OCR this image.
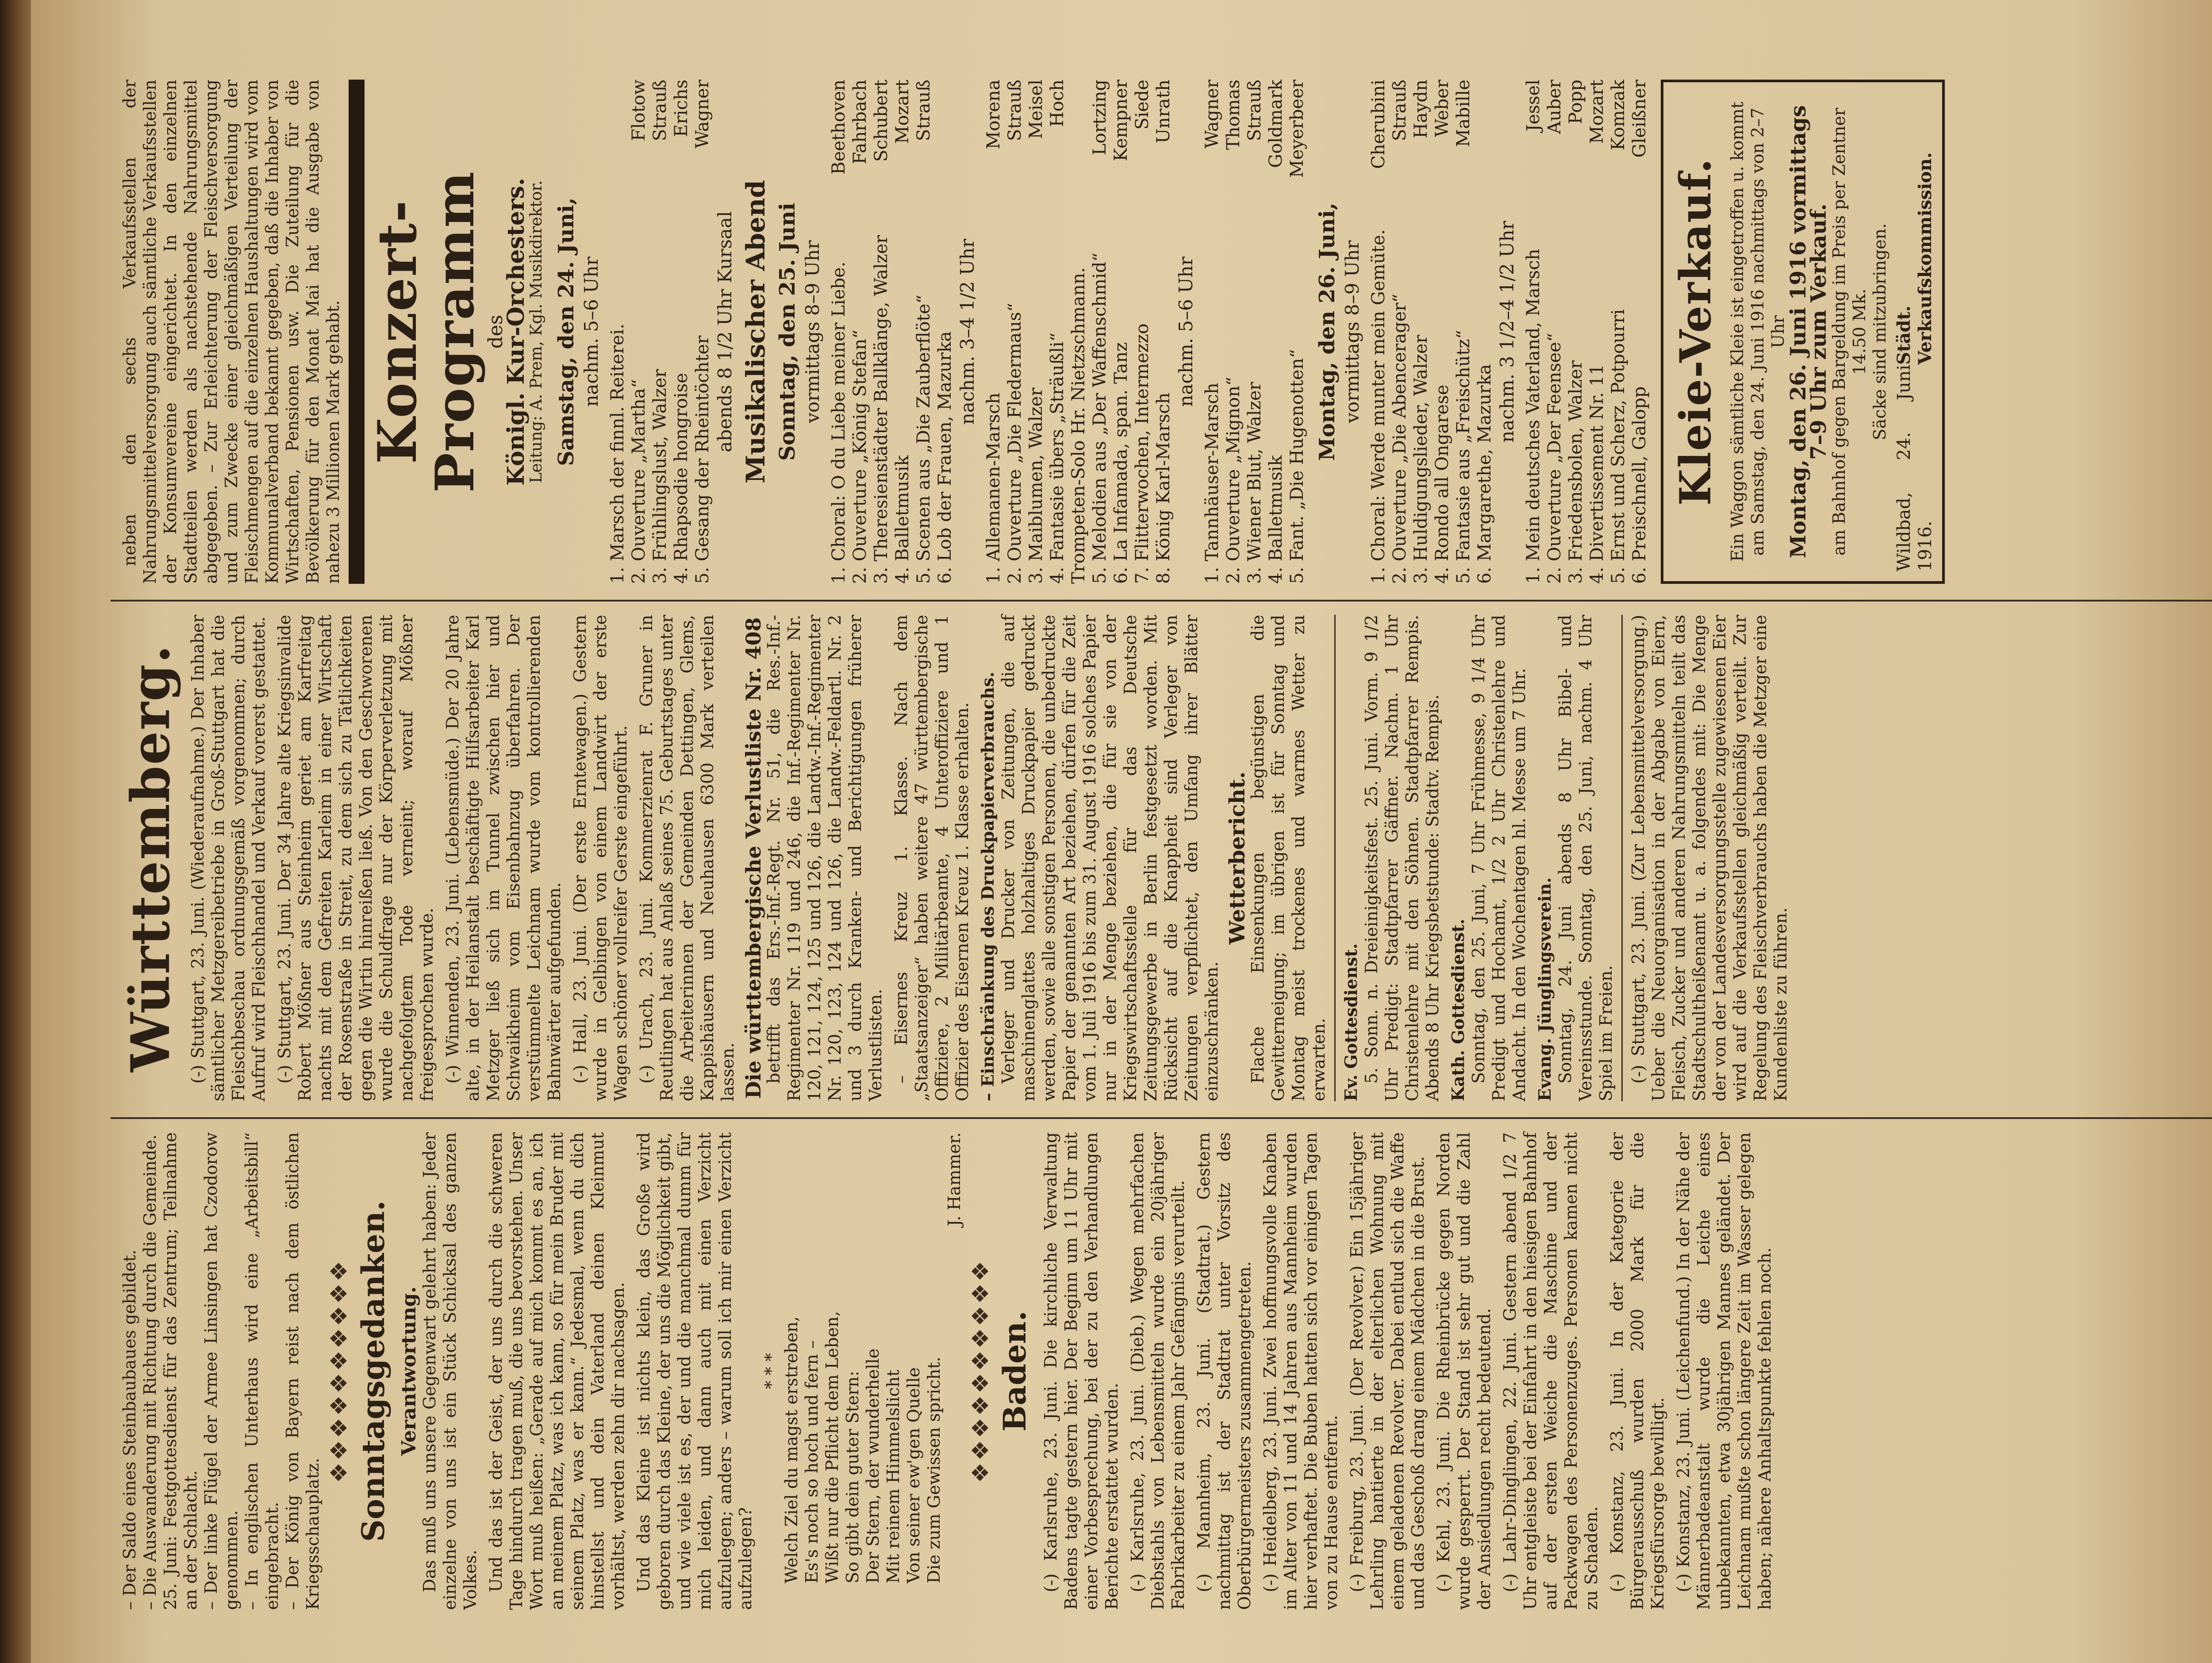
– Der Saldo eines Steinbaubaues gebildet. – Die Auswanderung mit Richtung durch die Gemeinde. 25. Juni: Festgottesdienst für das Zentrum; Teilnahme an der Schlacht. – Der linke Flügel der Armee Linsingen hat Czodorow genommen. – In englischen Unterhaus wird eine „Arbeitsbill“ eingebracht. – Der König von Bayern reist nach dem östlichen Kriegsschauplatz.
❖❖❖❖❖❖❖❖❖❖ Sonntagsgedanken. Verantwortung. Das muß uns unsere Gegenwart gelehrt haben: Jeder einzelne von uns ist ein Stück Schicksal des ganzen Volkes. Und das ist der Geist, der uns durch die schweren Tage hindurch tragen muß, die uns bevorstehen. Unser Wort muß heißen: „Gerade auf mich kommt es an, ich an meinem Platz, was ich kann, so für mein Bruder mit seinem Platz, was er kann.“ Jedesmal, wenn du dich hinstellst und dein Vaterland deinen Kleinmut vorhältst, werden zehn dir nachsagen. Und das Kleine ist nichts klein, das Große wird geboren durch das Kleine, der uns die Möglichkeit gibt, und wie viele ist es, der und die manchmal dumm für mich leiden, und dann auch mit einen Verzicht aufzulegen; anders – warum soll ich mir einen Verzicht aufzulegen?

* * * Welch Ziel du magst erstreben, Es's noch so hoch und fern – Wißt nur die Pflicht dem Leben, So gibt dein guter Stern: Der Stern, der wunderhelle Mit reinem Himmelslicht Von seiner ew'gen Quelle Die zum Gewissen spricht.
J. Hammer.
❖❖❖❖❖❖❖❖❖❖ Baden. (-) Karlsruhe, 23. Juni. Die kirchliche Verwaltung Badens tagte gestern hier. Der Beginn um 11 Uhr mit einer Vorbesprechung, bei der zu den Verhandlungen Berichte erstattet wurden. (-) Karlsruhe, 23. Juni. (Dieb.) Wegen mehrfachen Diebstahls von Lebensmitteln wurde ein 20jähriger Fabrikarbeiter zu einem Jahr Gefängnis verurteilt. (-) Mannheim, 23. Juni. (Stadtrat.) Gestern nachmittag ist der Stadtrat unter Vorsitz des Oberbürgermeisters zusammengetreten. (-) Heidelberg, 23. Juni. Zwei hoffnungsvolle Knaben im Alter von 11 und 14 Jahren aus Mannheim wurden hier verhaftet. Die Buben hatten sich vor einigen Tagen von zu Hause entfernt. (-) Freiburg, 23. Juni. (Der Revolver.) Ein 15jähriger Lehrling hantierte in der elterlichen Wohnung mit einem geladenen Revolver. Dabei entlud sich die Waffe und das Geschoß drang einem Mädchen in die Brust. (-) Kehl, 23. Juni. Die Rheinbrücke gegen Norden wurde gesperrt. Der Stand ist sehr gut und die Zahl der Ansiedlungen recht bedeutend. (-) Lahr-Dinglingen, 22. Juni. Gestern abend 1/2 7 Uhr entgleiste bei der Einfahrt in den hiesigen Bahnhof auf der ersten Weiche die Maschine und der Packwagen des Personenzuges. Personen kamen nicht zu Schaden. (-) Konstanz, 23. Juni. In der Kategorie der Bürgerausschuß wurden 2000 Mark für die Kriegsfürsorge bewilligt. (-) Konstanz, 23. Juni. (Leichenfund.) In der Nähe der Männerbadeanstalt wurde die Leiche eines unbekannten, etwa 30jährigen Mannes geländet. Der Leichnam mußte schon längere Zeit im Wasser gelegen haben; nähere Anhaltspunkte fehlen noch.

Württemberg. (-) Stuttgart, 23. Juni. (Wiederaufnahme.) Der Inhaber sämtlicher Metzgereibetriebe in Groß-Stuttgart hat die Fleischbeschau ordnungsgemäß vorgenommen; durch Aufruf wird Fleischhandel und Verkauf vorerst gestattet. (-) Stuttgart, 23. Juni. Der 34 Jahre alte Kriegsinvalide Robert Mößner aus Steinheim geriet am Karfreitag nachts mit dem Gefreiten Karleim in einer Wirtschaft der Rosenstraße in Streit, zu dem sich zu Tätlichkeiten gegen die Wirtin hinreißen ließ. Von den Geschworenen wurde die Schuldfrage nur der Körperverletzung mit nachgefolgtem Tode verneint; worauf Mößner freigesprochen wurde. (-) Winnenden, 23. Juni. (Lebensmüde.) Der 20 Jahre alte, in der Heilanstalt beschäftigte Hilfsarbeiter Karl Metzger ließ sich im Tunnel zwischen hier und Schwaikheim vom Eisenbahnzug überfahren. Der verstümmelte Leichnam wurde vom kontrollierenden Bahnwärter aufgefunden. (-) Hall, 23. Juni. (Der erste Erntewagen.) Gestern wurde in Gelbingen von einem Landwirt der erste Wagen schöner vollreifer Gerste eingeführt. (-) Urach, 23. Juni. Kommerzienrat F. Gruner in Reutlingen hat aus Anlaß seines 75. Geburtstages unter die Arbeiterinnen der Gemeinden Dettingen, Glems, Kappishäusern und Neuhausen 6300 Mark verteilen lassen. Die württembergische Verlustliste Nr. 408

betrifft das Ers.-Inf.-Regt. Nr. 51, die Res.-Inf.-Regimenter Nr. 119 und 246, die Inf.-Regimenter Nr. 120, 121, 124, 125 und 126, die Landw.-Inf.-Regimenter Nr. 120, 123, 124 und 126, die Landw.-Feldartl. Nr. 2 und 3 durch Kranken- und Berichtigungen früherer Verlustlisten. – Eisernes Kreuz 1. Klasse. Nach dem „Staatsanzeiger“ haben weitere 47 württembergische Offiziere, 2 Militärbeamte, 4 Unteroffiziere und 1 Offizier des Eisernen Kreuz 1. Klasse erhalten. – Einschränkung des Druckpapierverbrauchs. Verleger und Drucker von Zeitungen, die auf maschinenglattes holzhaltiges Druckpapier gedruckt werden, sowie alle sonstigen Personen, die unbedruckte Papier der genannten Art beziehen, dürfen für die Zeit vom 1. Juli 1916 bis zum 31. August 1916 solches Papier nur in der Menge beziehen, die für sie von der Kriegswirtschaftsstelle für das Deutsche Zeitungsgewerbe in Berlin festgesetzt worden. Mit Rücksicht auf die Knappheit sind Verleger von Zeitungen verpflichtet, den Umfang ihrer Blätter einzuschränken.

Wetterbericht.

Flache Einsenkungen begünstigen die Gewitterneigung; im übrigen ist für Sonntag und Montag meist trockenes und warmes Wetter zu erwarten. Ev. Gottesdienst. 5. Sonn. n. Dreieinigkeitsfest. 25. Juni. Vorm. 9 1/2 Uhr Predigt: Stadtpfarrer Gäffner. Nachm. 1 Uhr Christenlehre mit den Söhnen. Stadtpfarrer Rempis. Abends 8 Uhr Kriegsbetstunde: Stadtv. Rempis. Kath. Gottesdienst. Sonntag, den 25. Juni, 7 Uhr Frühmesse, 9 1/4 Uhr Predigt und Hochamt, 1/2 2 Uhr Christenlehre und Andacht. In den Wochentagen hl. Messe um 7 Uhr. Evang. Jünglingsverein. Sonntag, 24. Juni abends 8 Uhr Bibel- und Vereinsstunde. Sonntag, den 25. Juni, nachm. 4 Uhr Spiel im Freien. (-) Stuttgart, 23. Juni. (Zur Lebensmittelversorgung.) Ueber die Neuorganisation in der Abgabe von Eiern, Fleisch, Zucker und anderen Nahrungsmitteln teilt das Stadtschultheißenamt u. a. folgendes mit: Die Menge der von der Landesversorgungsstelle zugewiesenen Eier wird auf die Verkaufsstellen gleichmäßig verteilt. Zur Regelung des Fleischverbrauchs haben die Metzger eine Kundenliste zu führen.

neben den sechs Verkaufsstellen der Nahrungsmittelversorgung auch sämtliche Verkaufsstellen der Konsumvereine eingerichtet. In den einzelnen Stadtteilen werden als nachstehende Nahrungsmittel abgegeben. – Zur Erleichterung der Fleischversorgung und zum Zwecke einer gleichmäßigen Verteilung der Fleischmengen auf die einzelnen Haushaltungen wird vom Kommunalverband bekannt gegeben, daß die Inhaber von Wirtschaften, Pensionen usw. Die Zuteilung für die Bevölkerung für den Monat Mai hat die Ausgabe von nahezu 3 Millionen Mark gehabt. Konzert-Programm
des
Königl. Kur-Orchesters.
Leitung: A. Prem, Kgl. Musikdirektor. Samstag, den 24. Juni, nachm. 5–6 Uhr 1. Marsch der finnl. Reiterei. 2. Ouverture „Martha“
Flotow
3. Frühlingslust, Walzer
Strauß
4. Rhapsodie hongroise
Erichs
5. Gesang der Rheintöchter
Wagner
abends 8 1/2 Uhr Kursaal Musikalischer Abend Sonntag, den 25. Juni vormittags 8–9 Uhr 1. Choral: O du Liebe meiner Liebe.
Beethoven
2. Ouverture „König Stefan“
Fahrbach
3. Theresienstädter Ballklänge, Walzer
Schubert
4. Balletmusik
Mozart
5. Scenen aus „Die Zauberflöte“
Strauß
6. Lob der Frauen, Mazurka nachm. 3–4 1/2 Uhr
1. Allemanen-Marsch
Morena
2. Ouverture „Die Fledermaus“
Strauß
3. Maiblumen, Walzer
Meisel
4. Fantasie übers „Sträußli“
Hoch
Trompeten-Solo Hr. Nietzschmann. 5. Melodien aus „Der Waffenschmid“
Lortzing
6. La Infamada, span. Tanz
Kempner
7. Flitterwochen, Intermezzo
Siede
8. König Karl-Marsch
Unrath
nachm. 5–6 Uhr
1. Tannhäuser-Marsch
Wagner
2. Ouverture „Mignon“
Thomas
3. Wiener Blut, Walzer
Strauß
4. Balletmusik
Goldmark
5. Fant. „Die Hugenotten“
Meyerbeer
Montag, den 26. Juni, vormittags 8–9 Uhr 1. Choral: Werde munter mein Gemüte.
Cherubini
2. Ouverture „Die Abencerager“
Strauß
3. Huldigungslieder, Walzer
Haydn
4. Rondo all Ongarese
Weber
5. Fantasie aus „Freischütz“
Mabille
6. Margarethe, Mazurka
nachm. 3 1/2–4 1/2 Uhr 1. Mein deutsches Vaterland, Marsch
Jessel
2. Ouverture „Der Feensee“
Auber
3. Friedensbolen, Walzer
Popp
4. Divertissement Nr. 11
Mozart
5. Ernst und Scherz, Potpourri
Komzak
6. Preischnell, Galopp
Gleißner
Kleie-Verkauf. Ein Waggon sämtliche Kleie ist eingetroffen u. kommt am Samstag, den 24. Juni 1916 nachmittags von 2–7 Uhr
Montag, den 26. Juni 1916 vormittags 7–9 Uhr zum Verkauf.
am Bahnhof gegen Bargeldung im Preis per Zentner 14.50 Mk. Säcke sind mitzubringen.
Wildbad, 24. Juni 1916.
Städt. Verkaufskommission.
